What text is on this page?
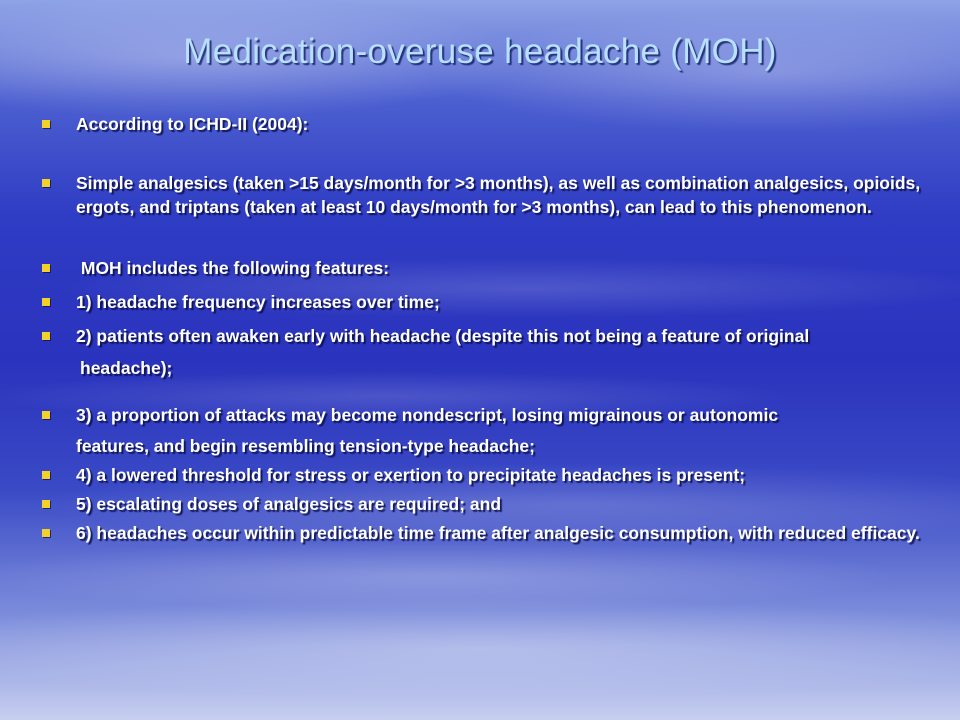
Medication-overuse headache (MOH)
According to ICHD-II (2004):
Simple analgesics (taken >15 days/month for >3 months), as well as combination analgesics, opioids, ergots, and triptans (taken at least 10 days/month for >3 months), can lead to this phenomenon.
MOH includes the following features:
1) headache frequency increases over time;
2) patients often awaken early with headache (despite this not being a feature of original
headache);
3) a proportion of attacks may become nondescript, losing migrainous or autonomic
features, and begin resembling tension-type headache;
4) a lowered threshold for stress or exertion to precipitate headaches is present;
5) escalating doses of analgesics are required; and
6) headaches occur within predictable time frame after analgesic consumption, with reduced efficacy.
